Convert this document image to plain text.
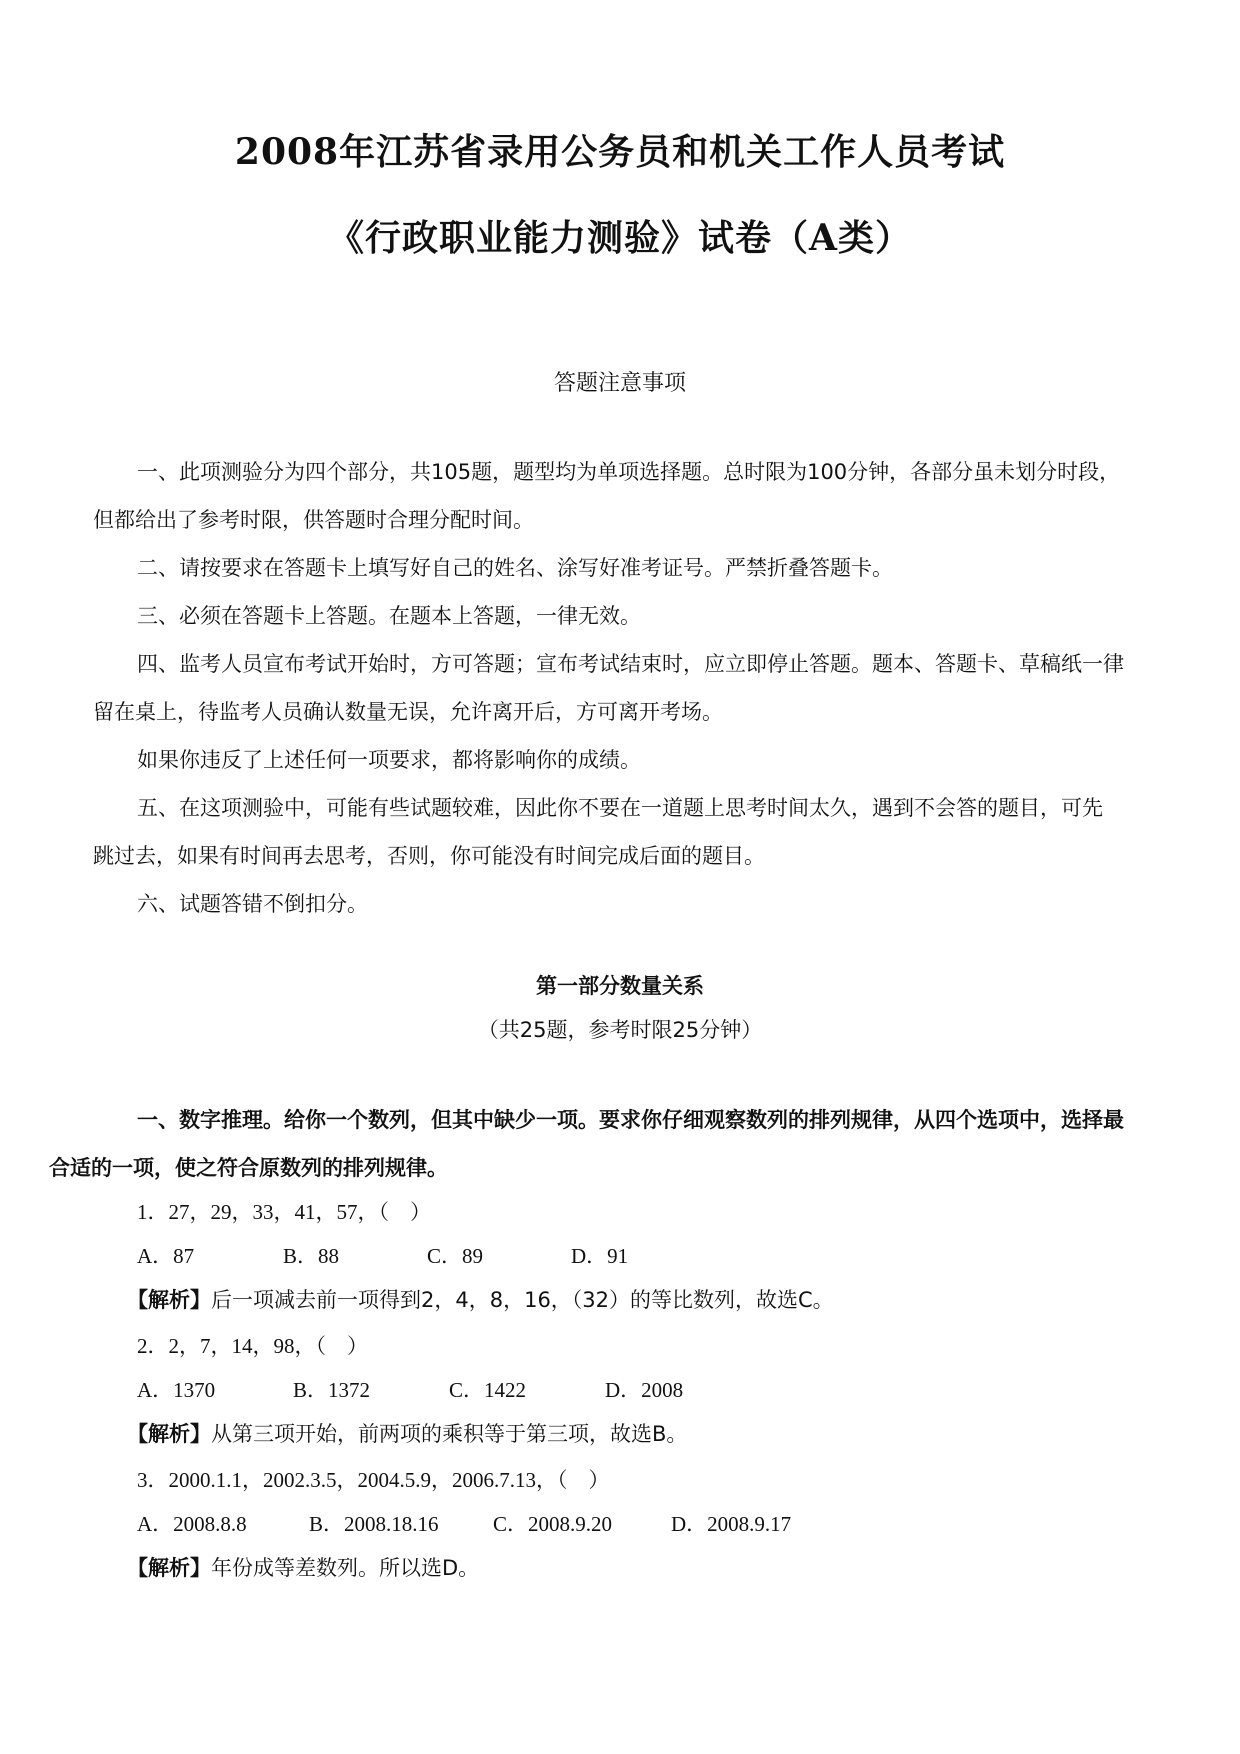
2008年江苏省录用公务员和机关工作人员考试
《行政职业能力测验》试卷（A类）
答题注意事项

一、此项测验分为四个部分，共105题，题型均为单项选择题。总时限为100分钟，各部分虽未划分时段，

但都给出了参考时限，供答题时合理分配时间。

二、请按要求在答题卡上填写好自己的姓名、涂写好准考证号。严禁折叠答题卡。

三、必须在答题卡上答题。在题本上答题，一律无效。

四、监考人员宣布考试开始时，方可答题；宣布考试结束时，应立即停止答题。题本、答题卡、草稿纸一律

留在桌上，待监考人员确认数量无误，允许离开后，方可离开考场。

如果你违反了上述任何一项要求，都将影响你的成绩。

五、在这项测验中，可能有些试题较难，因此你不要在一道题上思考时间太久，遇到不会答的题目，可先

跳过去，如果有时间再去思考，否则，你可能没有时间完成后面的题目。

六、试题答错不倒扣分。

第一部分数量关系
（共25题，参考时限25分钟）
一、数字推理。给你一个数列，但其中缺少一项。要求你仔细观察数列的排列规律，从四个选项中，选择最
合适的一项，使之符合原数列的排列规律。
1．27，29，33，41，57，（　）
A．87	B．88	C．89	D．91
【解析】后一项减去前一项得到2，4，8，16，（32）的等比数列，故选C。
2．2，7，14，98，（　）
A．1370	B．1372	C．1422	D．2008
【解析】从第三项开始，前两项的乘积等于第三项，故选B。
3．2000.1.1，2002.3.5，2004.5.9，2006.7.13，（　）
A．2008.8.8	B．2008.18.16	C．2008.9.20	D．2008.9.17
【解析】年份成等差数列。所以选D。
